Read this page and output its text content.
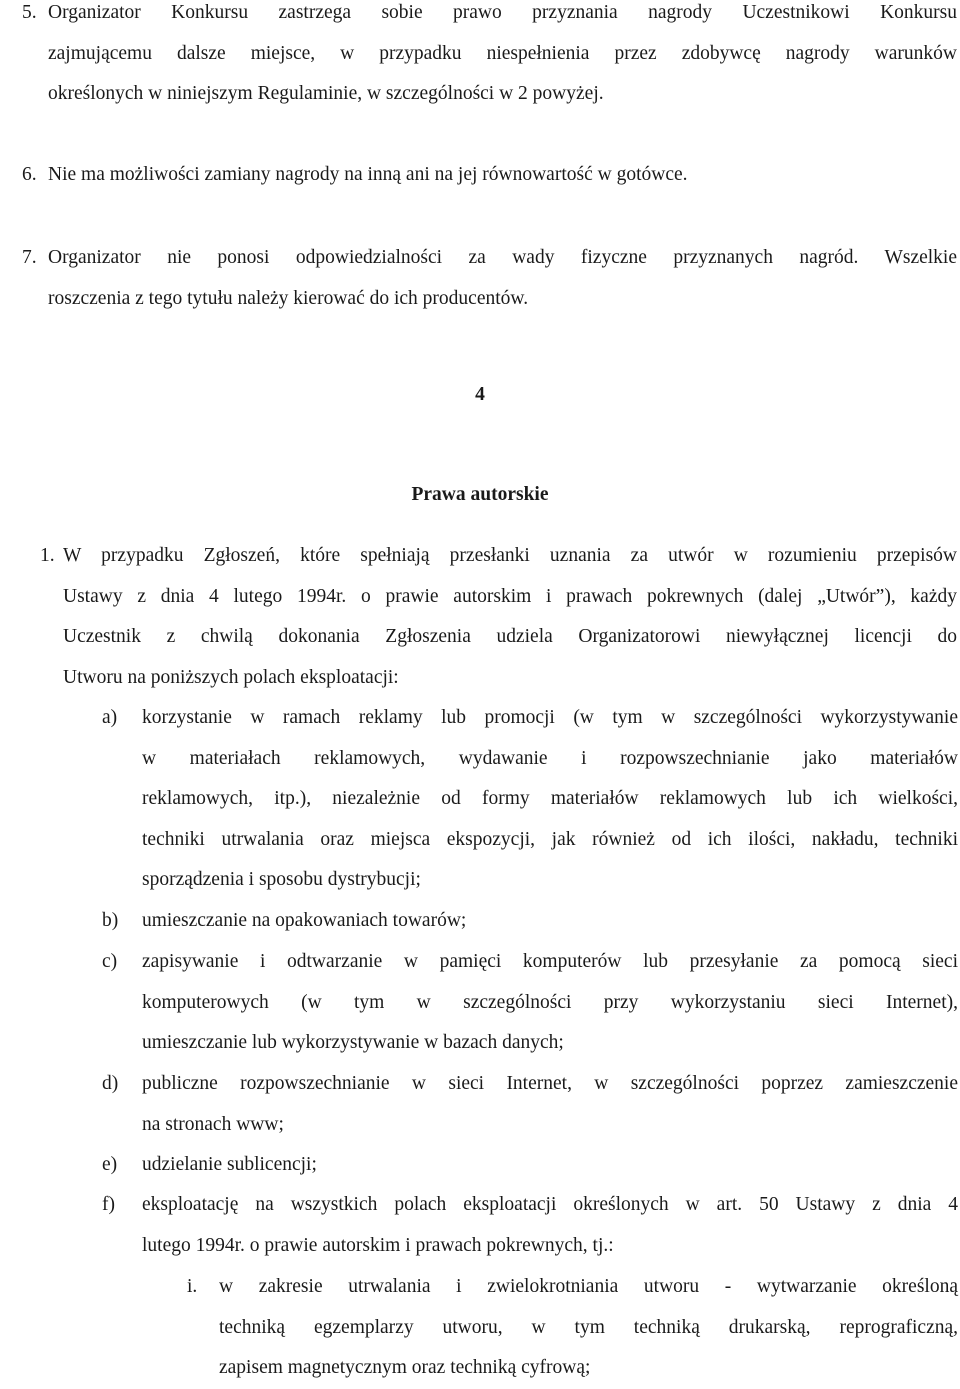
5. Organizator Konkursu zastrzega sobie prawo przyznania nagrody Uczestnikowi Konkursu
zajmującemu dalsze miejsce, w przypadku niespełnienia przez zdobywcę nagrody warunków
określonych w niniejszym Regulaminie, w szczególności w 2 powyżej.
6. Nie ma możliwości zamiany nagrody na inną ani na jej równowartość w gotówce.
7. Organizator nie ponosi odpowiedzialności za wady fizyczne przyznanych nagród. Wszelkie
roszczenia z tego tytułu należy kierować do ich producentów.
4
Prawa autorskie
1. W przypadku Zgłoszeń, które spełniają przesłanki uznania za utwór w rozumieniu przepisów
Ustawy z dnia 4 lutego 1994r. o prawie autorskim i prawach pokrewnych (dalej „Utwór”), każdy
Uczestnik z chwilą dokonania Zgłoszenia udziela Organizatorowi niewyłącznej licencji do
Utworu na poniższych polach eksploatacji:
a) korzystanie w ramach reklamy lub promocji (w tym w szczególności wykorzystywanie
w materiałach reklamowych, wydawanie i rozpowszechnianie jako materiałów
reklamowych, itp.), niezależnie od formy materiałów reklamowych lub ich wielkości,
techniki utrwalania oraz miejsca ekspozycji, jak również od ich ilości, nakładu, techniki
sporządzenia i sposobu dystrybucji;
b) umieszczanie na opakowaniach towarów;
c) zapisywanie i odtwarzanie w pamięci komputerów lub przesyłanie za pomocą sieci
komputerowych (w tym w szczególności przy wykorzystaniu sieci Internet),
umieszczanie lub wykorzystywanie w bazach danych;
d) publiczne rozpowszechnianie w sieci Internet, w szczególności poprzez zamieszczenie
na stronach www;
e) udzielanie sublicencji;
f) eksploatację na wszystkich polach eksploatacji określonych w art. 50 Ustawy z dnia 4
lutego 1994r. o prawie autorskim i prawach pokrewnych, tj.:
i. w zakresie utrwalania i zwielokrotniania utworu - wytwarzanie określoną
techniką egzemplarzy utworu, w tym techniką drukarską, reprograficzną,
zapisem magnetycznym oraz techniką cyfrową;
